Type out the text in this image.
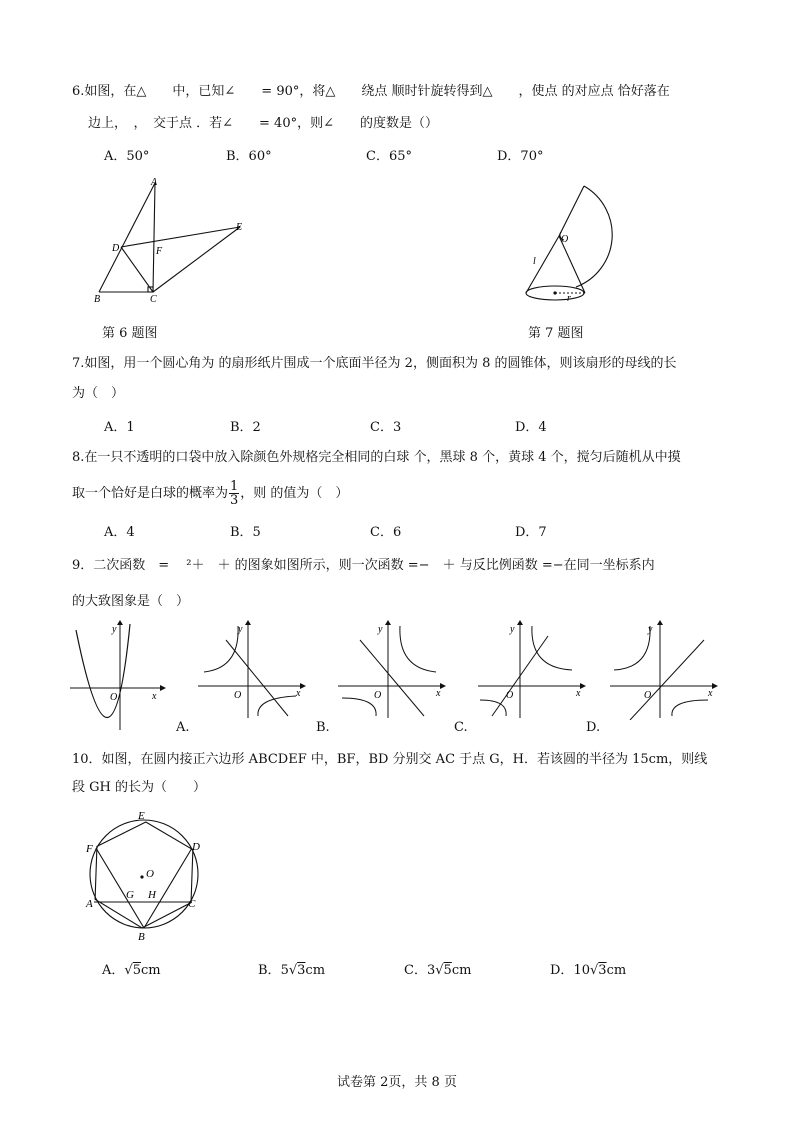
6.如图，在△　　中，已知∠　　= 90°，将△　　绕点 顺时针旋转得到△　　，使点 的对应点 恰好落在
边上，　，　交于点 ．若∠　　= 40°，则∠　　的度数是（）
A．50°	B．60°	C．65°	D．70°
A
B	C
D
E
F
第 6 题图
O
l
r
第 7 题图
7.如图，用一个圆心角为 的扇形纸片围成一个底面半径为 2，侧面积为 8 的圆锥体，则该扇形的母线的长
为（　）
A．1	B．2	C．3	D．4
8.在一只不透明的口袋中放入除颜色外规格完全相同的白球 个，黑球 8 个，黄球 4 个，搅匀后随机从中摸
取一个恰好是白球的概率为 $\frac{1}{3}$ ，则 的值为（　）
A．4	B．5	C．6	D．7
9．二次函数　=　 ²＋　＋ 的图象如图所示，则一次函数 =−　＋ 与反比例函数 =−在同一坐标系内
的大致图象是（　）
x
y
O	x
y
O
A.
x
y
O
B.
x
y
O
C.
x
y
O
D.
10．如图，在圆内接正六边形 ABCDEF 中，BF，BD 分别交 AC 于点 G，H．若该圆的半径为 15cm，则线
段 GH 的长为（　　）
E
D
F
A	C
B
G H
O
A．√5cm	B．5√3cm	C．3√5cm	D．10√3cm
试卷第 2页，共 8 页
